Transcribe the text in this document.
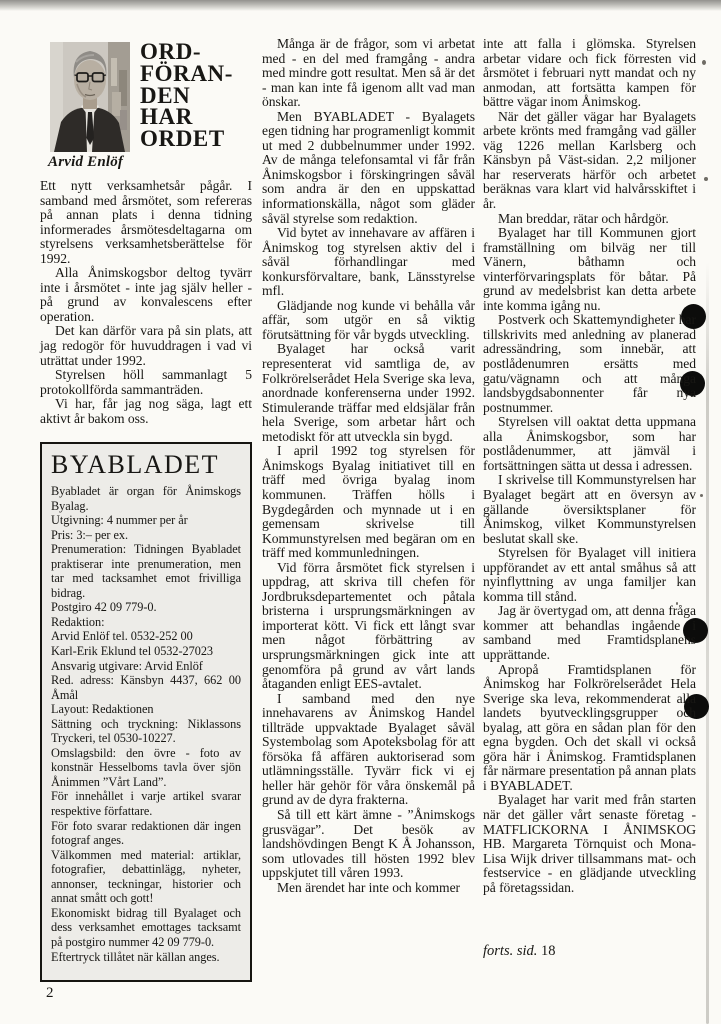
Arvid Enlöf
ORD-
FÖRAN-
DEN
HAR
ORDET

Ett nytt verksamhetsår pågår. I samband med årsmötet, som refereras på annan plats i denna tidning informerades årsmötesdeltagarna om styrelsens verksamhetsberättelse för 1992.

Alla Ånimskogsbor deltog tyvärr inte i årsmötet - inte jag själv heller - på grund av konvalescens efter operation.

Det kan därför vara på sin plats, att jag redogör för huvuddragen i vad vi uträttat under 1992.

Styrelsen höll sammanlagt 5 protokollförda sammanträden.

Vi har, får jag nog säga, lagt ett aktivt år bakom oss.

Många är de frågor, som vi arbetat med - en del med framgång - andra med mindre gott resultat. Men så är det - man kan inte få igenom allt vad man önskar.

Men BYABLADET - Byalagets egen tidning har programenligt kommit ut med 2 dubbelnummer under 1992. Av de många telefonsamtal vi får från Ånimskogsbor i förskingringen såväl som andra är den en uppskattad informationskälla, något som gläder såväl styrelse som redaktion.

Vid bytet av innehavare av affären i Ånimskog tog styrelsen aktiv del i såväl förhandlingar med konkursförvaltare, bank, Länsstyrelse mfl.

Glädjande nog kunde vi behålla vår affär, som utgör en så viktig förutsättning för vår bygds utveckling.

Byalaget har också varit representerat vid samtliga de, av Folkrörelserådet Hela Sverige ska leva, anordnade konferenserna under 1992. Stimulerande träffar med eldsjälar från hela Sverige, som arbetar hårt och metodiskt för att utveckla sin bygd.

I april 1992 tog styrelsen för Ånimskogs Byalag initiativet till en träff med övriga byalag inom kommunen. Träffen hölls i Bygdegården och mynnade ut i en gemensam skrivelse till Kommunstyrelsen med begäran om en träff med kommunledningen.

Vid förra årsmötet fick styrelsen i uppdrag, att skriva till chefen för Jordbruksdepartementet och påtala bristerna i ursprungsmärkningen av importerat kött. Vi fick ett långt svar men något förbättring av ursprungsmärkningen gick inte att genomföra på grund av vårt lands åtaganden enligt EES-avtalet.

I samband med den nye innehavarens av Ånimskog Handel tillträde uppvaktade Byalaget såväl Systembolag som Apoteksbolag för att försöka få affären auktoriserad som utlämningsställe. Tyvärr fick vi ej heller här gehör för våra önskemål på grund av de dyra frakterna.

Så till ett kärt ämne - ”Ånimskogs grusvägar”. Det besök av landshövdingen Bengt K Å Johansson, som utlovades till hösten 1992 blev uppskjutet till våren 1993.

Men ärendet har inte och kommer

inte att falla i glömska. Styrelsen arbetar vidare och fick förresten vid årsmötet i februari nytt mandat och ny anmodan, att fortsätta kampen för bättre vägar inom Ånimskog.

När det gäller vägar har Byalagets arbete krönts med framgång vad gäller väg 1226 mellan Karlsberg och Känsbyn på Väst-sidan. 2,2 miljoner har reserverats härför och arbetet beräknas vara klart vid halvårsskiftet i år.

Man breddar, rätar och hårdgör.

Byalaget har till Kommunen gjort framställning om bilväg ner till Vänern, båthamn och vinterförvaringsplats för båtar. På grund av medelsbrist kan detta arbete inte komma igång nu.

Postverk och Skattemyndigheter har tillskrivits med anledning av planerad adressändring, som innebär, att postlådenumren ersätts med gatu/vägnamn och att många landsbygdsabonnenter får nya postnummer.

Styrelsen vill oaktat detta uppmana alla Ånimskogsbor, som har postlådenummer, att jämväl i fortsättningen sätta ut dessa i adressen.

I skrivelse till Kommunstyrelsen har Byalaget begärt att en översyn av gällande översiktsplaner för Ånimskog, vilket Kommunstyrelsen beslutat skall ske.

Styrelsen för Byalaget vill initiera uppförandet av ett antal småhus så att nyinflyttning av unga familjer kan komma till stånd.

Jag är övertygad om, att denna fråga kommer att behandlas ingående i samband med Framtidsplanens upprättande.

Apropå Framtidsplanen för Ånimskog har Folkrörelserådet Hela Sverige ska leva, rekommenderat alla landets byutvecklingsgrupper och byalag, att göra en sådan plan för den egna bygden. Och det skall vi också göra här i Ånimskog. Framtidsplanen får närmare presentation på annan plats i BYABLADET.

Byalaget har varit med från starten när det gäller vårt senaste företag - MATFLICKORNA I ÅNIMSKOG HB. Margareta Törnquist och Mona-Lisa Wijk driver tillsammans mat- och festservice - en glädjande utveckling på företagssidan.

BYABLADET
Byabladet är organ för Ånimskogs Byalag.
Utgivning: 4 nummer per år
Pris: 3:– per ex.
Prenumeration: Tidningen Byabladet praktiserar inte prenumeration, men tar med tacksamhet emot frivilliga bidrag.
Postgiro 42 09 779-0.
Redaktion:
Arvid Enlöf tel. 0532-252 00
Karl-Erik Eklund tel 0532-27023
Ansvarig utgivare: Arvid Enlöf
Red. adress: Känsbyn 4437, 662 00 Åmål
Layout: Redaktionen
Sättning och tryckning: Niklassons Tryckeri, tel 0530-10227.
Omslagsbild: den övre - foto av konstnär Hesselboms tavla över sjön Ånimmen ”Vårt Land”.
För innehållet i varje artikel svarar respektive författare.
För foto svarar redaktionen där ingen fotograf anges.
Välkommen med material: artiklar, fotografier, debattinlägg, nyheter, annonser, teckningar, historier och annat smått och gott!
Ekonomiskt bidrag till Byalaget och dess verksamhet emottages tacksamt på postgiro nummer 42 09 779-0.
Eftertryck tillåtet när källan anges.	forts. sid. 18
2
